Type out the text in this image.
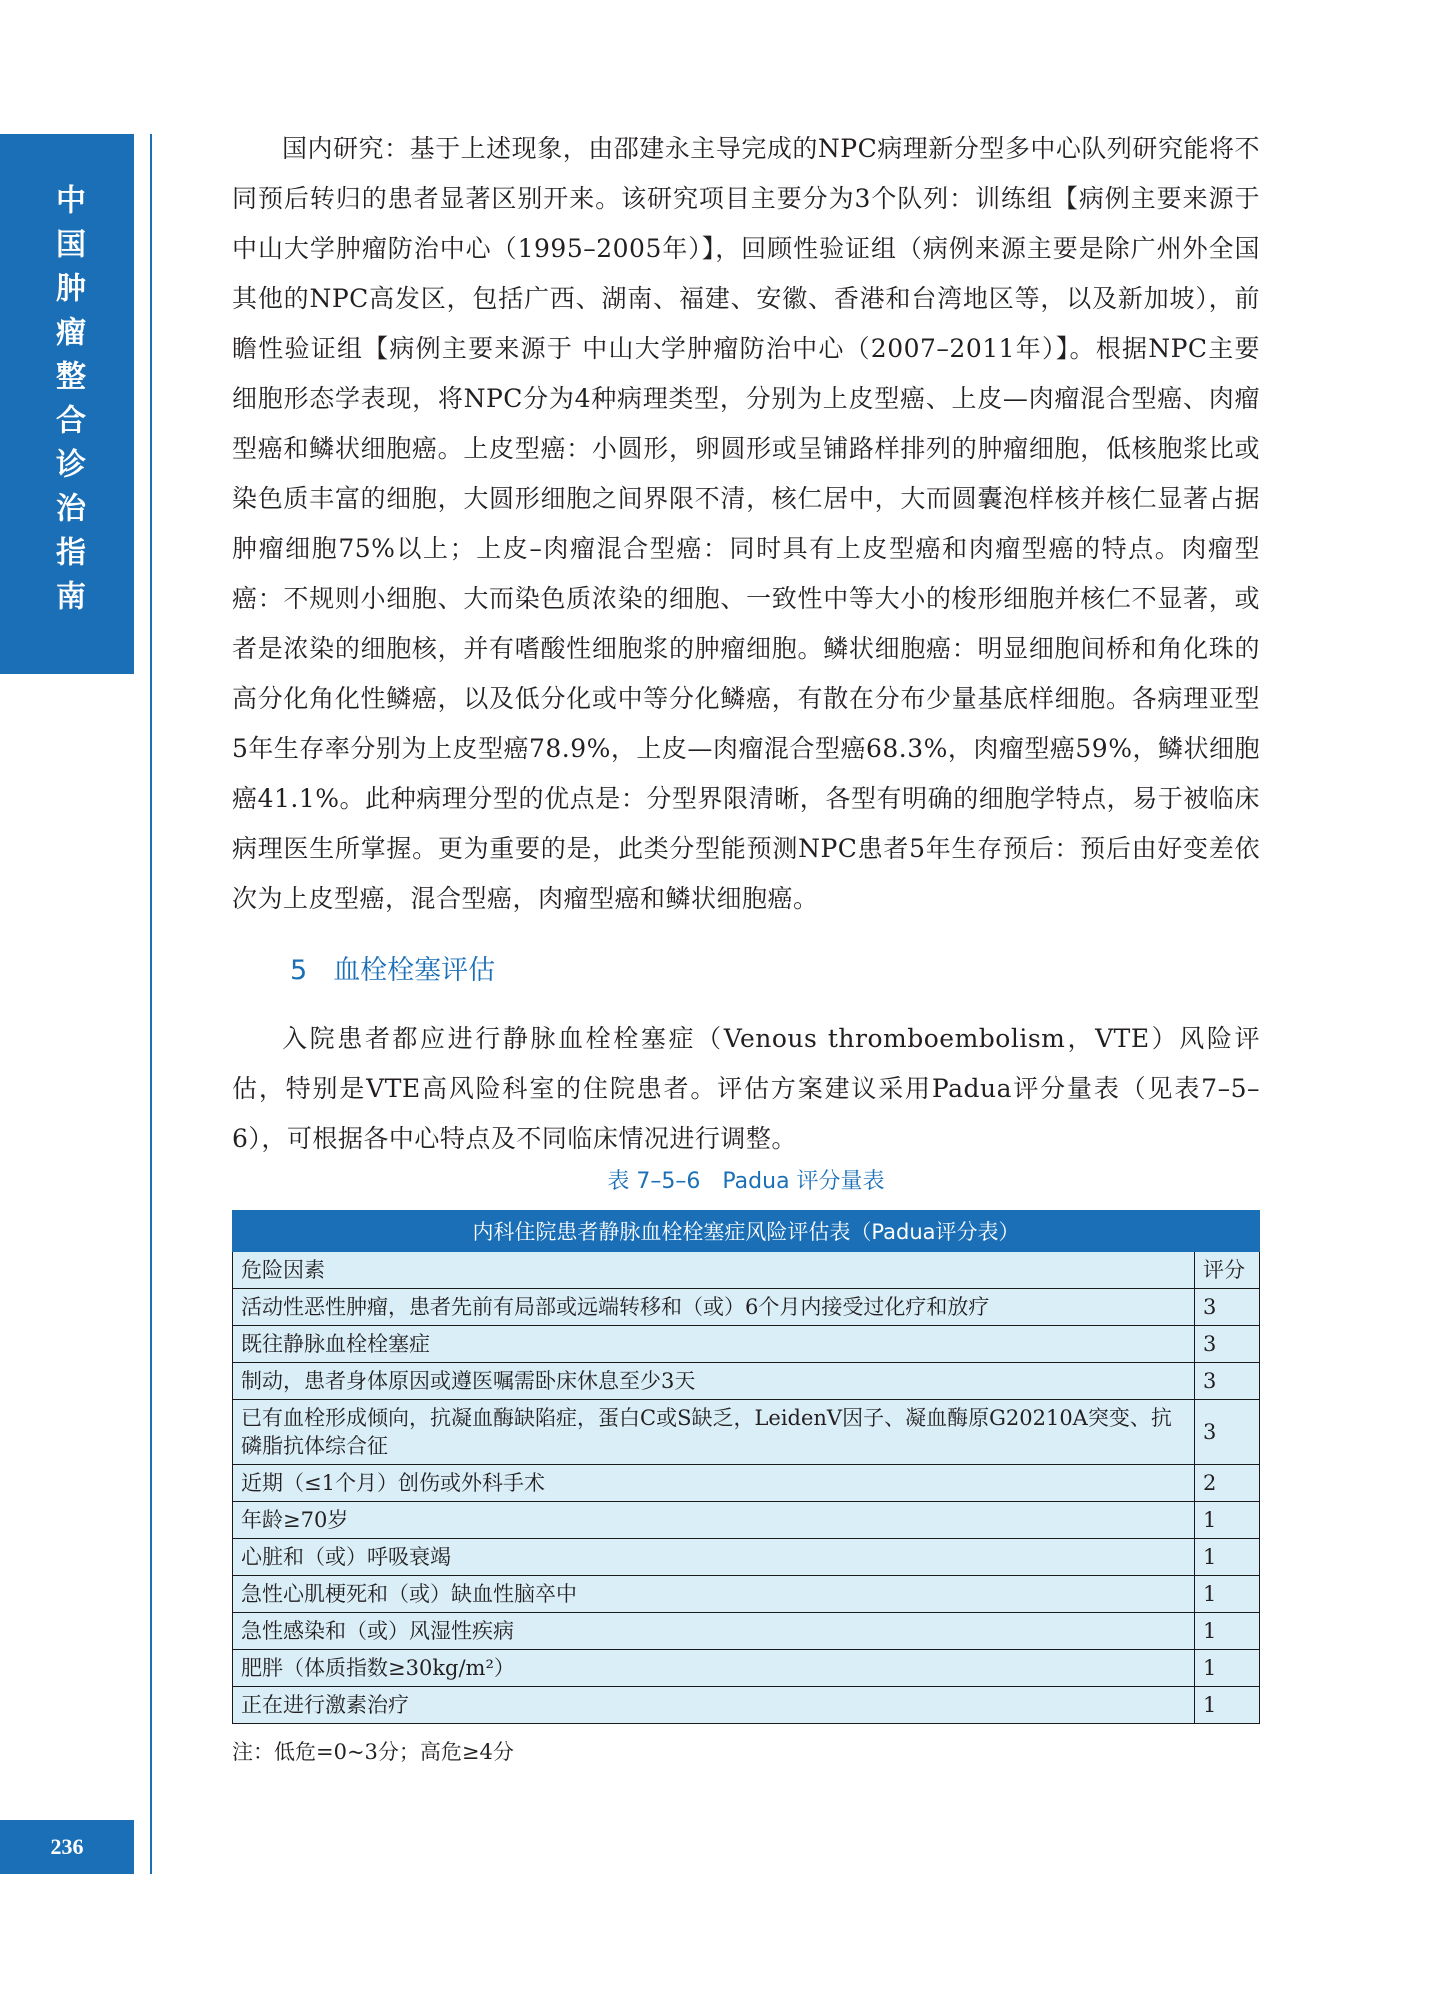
中国肿瘤整合诊治指南
236

国内研究：基于上述现象，由邵建永主导完成的NPC病理新分型多中心队列研究能将不同预后转归的患者显著区别开来。该研究项目主要分为3个队列：训练组【病例主要来源于中山大学肿瘤防治中心（1995–2005年）】，回顾性验证组（病例来源主要是除广州外全国其他的NPC高发区，包括广西、湖南、福建、安徽、香港和台湾地区等，以及新加坡），前瞻性验证组【病例主要来源于 中山大学肿瘤防治中心（2007–2011年）】。根据NPC主要细胞形态学表现，将NPC分为4种病理类型，分别为上皮型癌、上皮—肉瘤混合型癌、肉瘤型癌和鳞状细胞癌。上皮型癌：小圆形，卵圆形或呈铺路样排列的肿瘤细胞，低核胞浆比或染色质丰富的细胞，大圆形细胞之间界限不清，核仁居中，大而圆囊泡样核并核仁显著占据肿瘤细胞75%以上；上皮–肉瘤混合型癌：同时具有上皮型癌和肉瘤型癌的特点。肉瘤型癌：不规则小细胞、大而染色质浓染的细胞、一致性中等大小的梭形细胞并核仁不显著，或者是浓染的细胞核，并有嗜酸性细胞浆的肿瘤细胞。鳞状细胞癌：明显细胞间桥和角化珠的高分化角化性鳞癌，以及低分化或中等分化鳞癌，有散在分布少量基底样细胞。各病理亚型5年生存率分别为上皮型癌78.9%，上皮—肉瘤混合型癌68.3%，肉瘤型癌59%，鳞状细胞癌41.1%。此种病理分型的优点是：分型界限清晰，各型有明确的细胞学特点，易于被临床病理医生所掌握。更为重要的是，此类分型能预测NPC患者5年生存预后：预后由好变差依次为上皮型癌，混合型癌，肉瘤型癌和鳞状细胞癌。

5 血栓栓塞评估

入院患者都应进行静脉血栓栓塞症（Venous thromboembolism，VTE）风险评估，特别是VTE高风险科室的住院患者。评估方案建议采用Padua评分量表（见表7–5–6），可根据各中心特点及不同临床情况进行调整。

表 7–5–6　Padua 评分量表
内科住院患者静脉血栓栓塞症风险评估表（Padua评分表）	
危险因素	评分
活动性恶性肿瘤，患者先前有局部或远端转移和（或）6个月内接受过化疗和放疗	3
既往静脉血栓栓塞症	3
制动，患者身体原因或遵医嘱需卧床休息至少3天	3
已有血栓形成倾向，抗凝血酶缺陷症，蛋白C或S缺乏，LeidenV因子、凝血酶原G20210A突变、抗磷脂抗体综合征	3
近期（≤1个月）创伤或外科手术	2
年龄≥70岁	1
心脏和（或）呼吸衰竭	1
急性心肌梗死和（或）缺血性脑卒中	1
急性感染和（或）风湿性疾病	1
肥胖（体质指数≥30kg/m²）	1
正在进行激素治疗	1
注：低危=0~3分；高危≥4分
